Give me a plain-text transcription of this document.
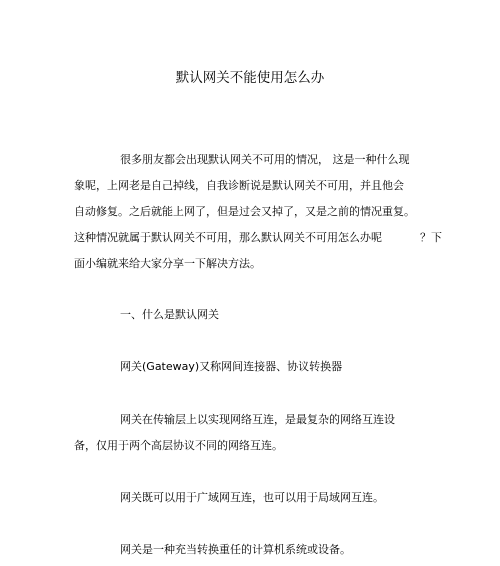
默认网关不能使用怎么办
很多朋友都会出现默认网关不可用的情况， 这是一种什么现
象呢，上网老是自己掉线，自我诊断说是默认网关不可用，并且他会
自动修复。之后就能上网了，但是过会又掉了，又是之前的情况重复。
这种情况就属于默认网关不可用，那么默认网关不可用怎么办呢	？下
面小编就来给大家分享一下解决方法。
一、什么是默认网关
网关(Gateway)又称网间连接器、协议转换器
网关在传输层上以实现网络互连，是最复杂的网络互连设
备，仅用于两个高层协议不同的网络互连。
网关既可以用于广域网互连，也可以用于局域网互连。
网关是一种充当转换重任的计算机系统或设备。
